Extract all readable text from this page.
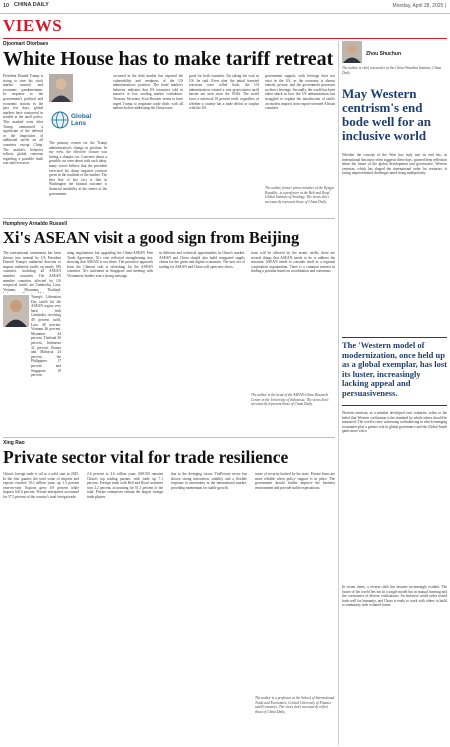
10 CHINA DAILY	Monday, April 28, 2025 |
VIEWS
Djoomart Otorbaev
White House has to make tariff retreat
President Donald Trump is trying to save his stock market turmoil and economic pandemonium. In response to the government's political and economic actions in the past few days, global markets have contracted in trouble at the tariff policy. This marked even after Trump announced a significant of the deferral or the imposition of additional tariffs on all countries except China. The market's behavior reflects global concerns regarding a possible trade war and recession.
Global Lens
The primary reason for the Trump administration's change in position. In my view, the effective closure was hitting a sharper cut. Concerns about a possible cut were about with such ideas, many voices believe that the president exercised his sharp negative reaction given in the tradition of the market. The best line of key fact is that in Washington the rational outcome is financial instability at the center of the government.
occurred in the debt market has exposed the vulnerability and weakness of the US administration's position. The bond market's behavior indicates that US treasuries sold in massive at low, eroding market confidence. Treasury Secretary Scott Bessent seems to have urged Trump to negotiate trade deals with all nations before addressing the China issue.
good for both countries. I'm taking the wait as US. he said. Even after the initial frenzied reactions were rolled back, the US administration created a vast protectionist tariff barrier not seen since the 1930s. The world faces a universal 10 percent tariff, regardless of whether a country has a trade deficit or surplus with the US.
government support, with leverage does not exist in the US, as the economy is almost entirely private, and the government possesses no direct leverage. Secondly, the world has been taken aback in how the US administration has struggled to explain the introduction of tariffs on modest imports from export-oriented African countries.
The author, former prime minister of the Kyrgyz Republic, is a professor at the Belt and Road Global Institute of Sinology. The views don't necessarily represent those of China Daily.
Humphrey Arnaldo Russell
Xi's ASEAN visit a good sign from Beijing
The international community has been thrown into turmoil by US President Donald Trump's unilateral decision to impose unilateral tariffs on nearly 180 countries, including all ASEAN member countries. The ASEAN member countries affected by US reciprocal tariffs are Cambodia, Laos, Vietnam, Myanmar, Thailand,
Trump's Liberation Day tariffs hit the ASEAN region very hard, with Cambodia receiving 49 percent tariff, Laos 48 percent, Vietnam 46 percent, Myanmar 44 percent, Thailand 36 percent, Indonesia 32 percent, Brunei and Malaysia 24 percent, the Philippines 17 percent and Singapore 10 percent.
ating negotiations but upgrading the China-ASEAN Free Trade Agreement. Xi's visit reflected strengthening ties, showing that ASEAN is not alone. The proactive approach from the Chinese side is refreshing for the ASEAN countries. Xi's statement in Singapore and meeting with Vietnamese leaders sent a strong message.
in different and technical opportunities in China's market. ASEAN and China should also build integrated supply chains for the green and digital economies. The new era of trading for ASEAN and China will open new doors.
tions will be affected by the erratic tariffs, there are several things that ASEAN needs to do to address the situation. ASEAN needs to consider itself as a regional cooperation organization. There is a common interest in finding a position based on coordination and consensus.
The author is the head of the ASEAN-China Research Center in the University of Indonesia. The views don't necessarily represent those of China Daily.
Xing Rao
Private sector vital for trade resilience
China's foreign trade is off to a solid start in 2025. In the first quarter, the total value of imports and exports reached 10.3 trillion yuan, up 1.3 percent year-on-year. Exports grew 6.9 percent while imports fell 6 percent. Private enterprises accounted for 57.3 percent of the country's total foreign trade.
2.6 percent to 3.6 trillion yuan. ASEAN remains China's top trading partner, with trade up 7.1 percent. Foreign trade with Belt and Road countries rose 2.2 percent, accounting for 51.1 percent of the total. Private enterprises remain the largest foreign trade players.
line to the diverging forces. ThePrivate sector has shown strong innovation, stability and a flexible response to uncertainty in the international market, providing momentum for stable growth.
sense of security backed by the state. Private firms are more reliable when policy support is in place. The government should further improve the business environment and provide stable expectations.
The author is a professor at the School of International Trade and Economics, Central University of Finance and Economics. The views don't necessarily reflect those of China Daily.
Zhou Shuchun
The author is chief researcher at the China-Wenzhou Institute, China Daily
May Western centrism's end bode well for an inclusive world
Whether the concept of the West has truly met its end has, as international discourse often suggests these days, spurred deep reflection about the future of the global development and governance. Western centrism, which has shaped the international order for centuries, is facing unprecedented challenges amid rising multipolarity.
The 'Western model of modernization, once held up as a global exemplar, has lost its luster, increasingly lacking appeal and persuasiveness.
Western centrism, as a mindset developed over centuries, refers to the belief that Western civilization is the standard by which others should be measured. The world is now witnessing a rebalancing in which emerging economies play a greater role in global governance and the Global South gains more voice.
In recent times, a reverse shift has become increasingly evident. The future of the world lies not in a single model but in mutual learning and the coexistence of diverse civilizations. An inclusive world order would bode well for humanity, and China is ready to work with others to build a community with a shared future.
